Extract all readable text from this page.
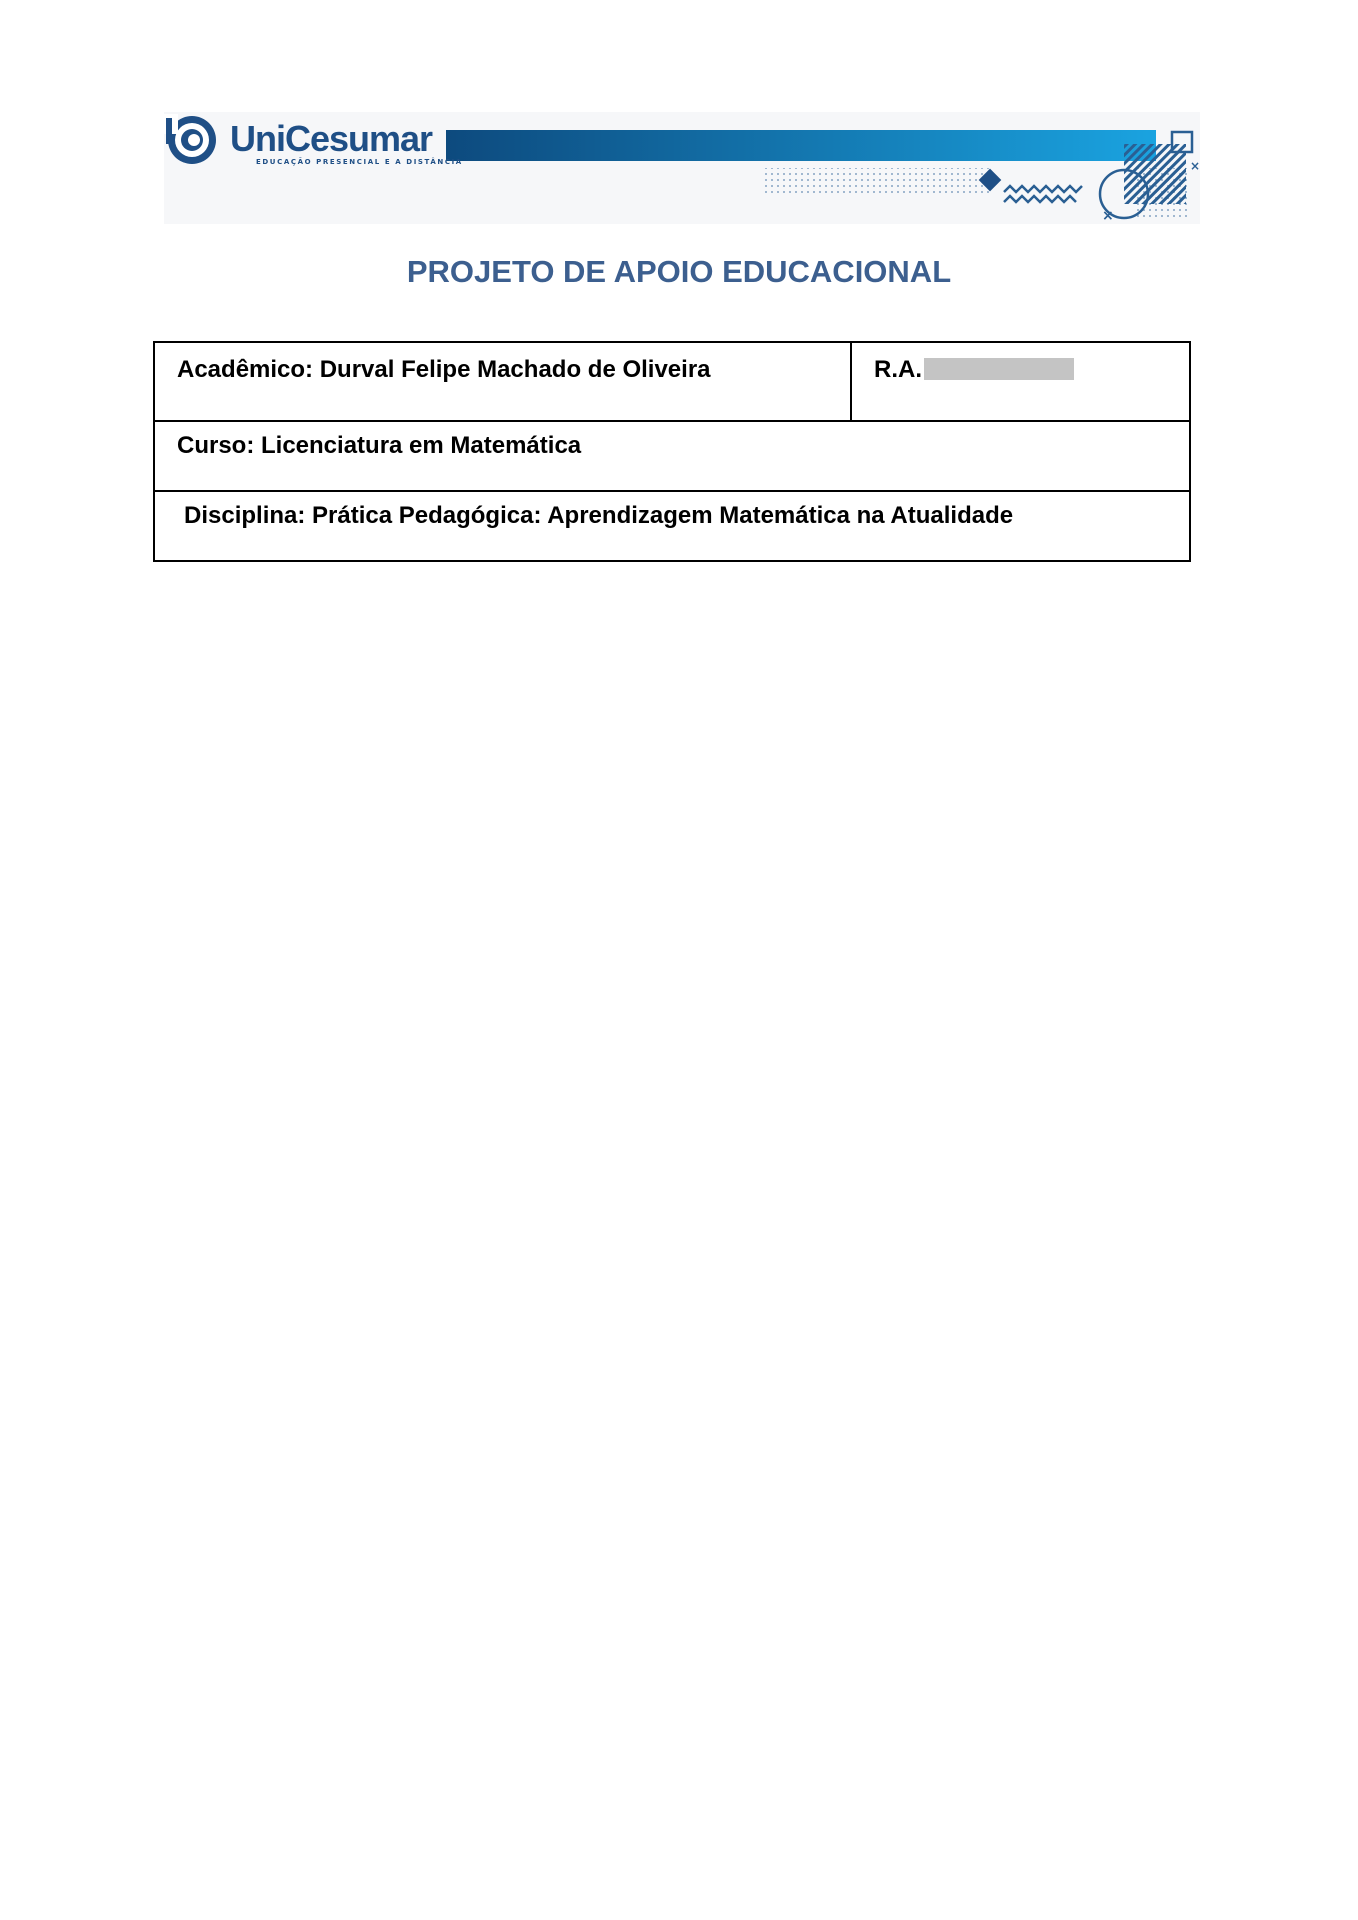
×
×
UniCesumar
EDUCAÇÃO PRESENCIAL E A DISTÂNCIA
PROJETO DE APOIO EDUCACIONAL
Acadêmico: Durval Felipe Machado de Oliveira	R.A.
Curso: Licenciatura em Matemática
Disciplina: Prática Pedagógica: Aprendizagem Matemática na Atualidade
